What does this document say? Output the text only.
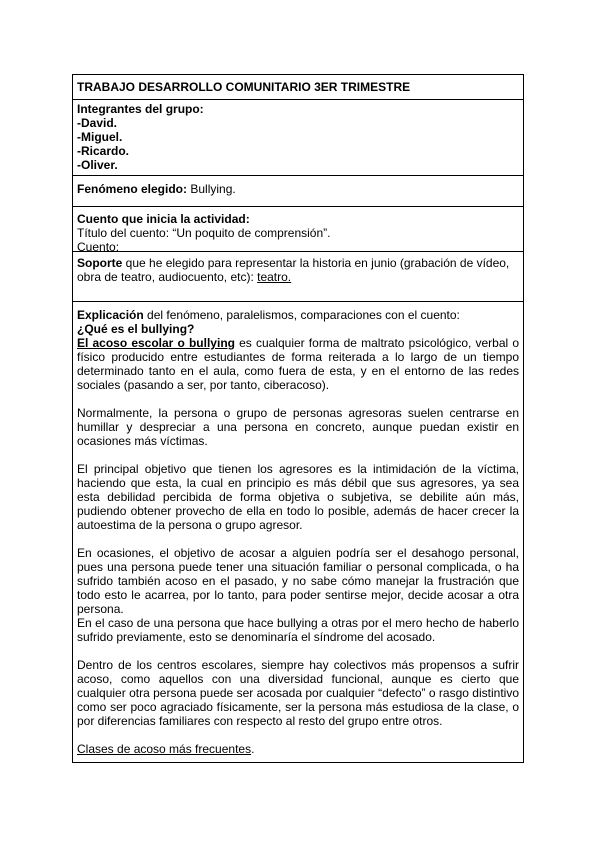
TRABAJO DESARROLLO COMUNITARIO 3ER TRIMESTRE
Integrantes del grupo:
-David.
-Miguel.
-Ricardo.
-Oliver.
Fenómeno elegido: Bullying.
Cuento que inicia la actividad:
Título del cuento: “Un poquito de comprensión”.
Cuento:
Soporte que he elegido para representar la historia en junio (grabación de vídeo, obra de teatro, audiocuento, etc): teatro.
Explicación del fenómeno, paralelismos, comparaciones con el cuento:
¿Qué es el bullying?

El acoso escolar o bullying es cualquier forma de maltrato psicológico, verbal o físico producido entre estudiantes de forma reiterada a lo largo de un tiempo determinado tanto en el aula, como fuera de esta, y en el entorno de las redes sociales (pasando a ser, por tanto, ciberacoso).

Normalmente, la persona o grupo de personas agresoras suelen centrarse en humillar y despreciar a una persona en concreto, aunque puedan existir en ocasiones más víctimas.

El principal objetivo que tienen los agresores es la intimidación de la víctima, haciendo que esta, la cual en principio es más débil que sus agresores, ya sea esta debilidad percibida de forma objetiva o subjetiva, se debilite aún más, pudiendo obtener provecho de ella en todo lo posible, además de hacer crecer la autoestima de la persona o grupo agresor.

En ocasiones, el objetivo de acosar a alguien podría ser el desahogo personal, pues una persona puede tener una situación familiar o personal complicada, o ha sufrido también acoso en el pasado, y no sabe cómo manejar la frustración que todo esto le acarrea, por lo tanto, para poder sentirse mejor, decide acosar a otra persona.

En el caso de una persona que hace bullying a otras por el mero hecho de haberlo sufrido previamente, esto se denominaría el síndrome del acosado.

Dentro de los centros escolares, siempre hay colectivos más propensos a sufrir acoso, como aquellos con una diversidad funcional, aunque es cierto que cualquier otra persona puede ser acosada por cualquier “defecto” o rasgo distintivo como ser poco agraciado físicamente, ser la persona más estudiosa de la clase, o por diferencias familiares con respecto al resto del grupo entre otros.

Clases de acoso más frecuentes.
